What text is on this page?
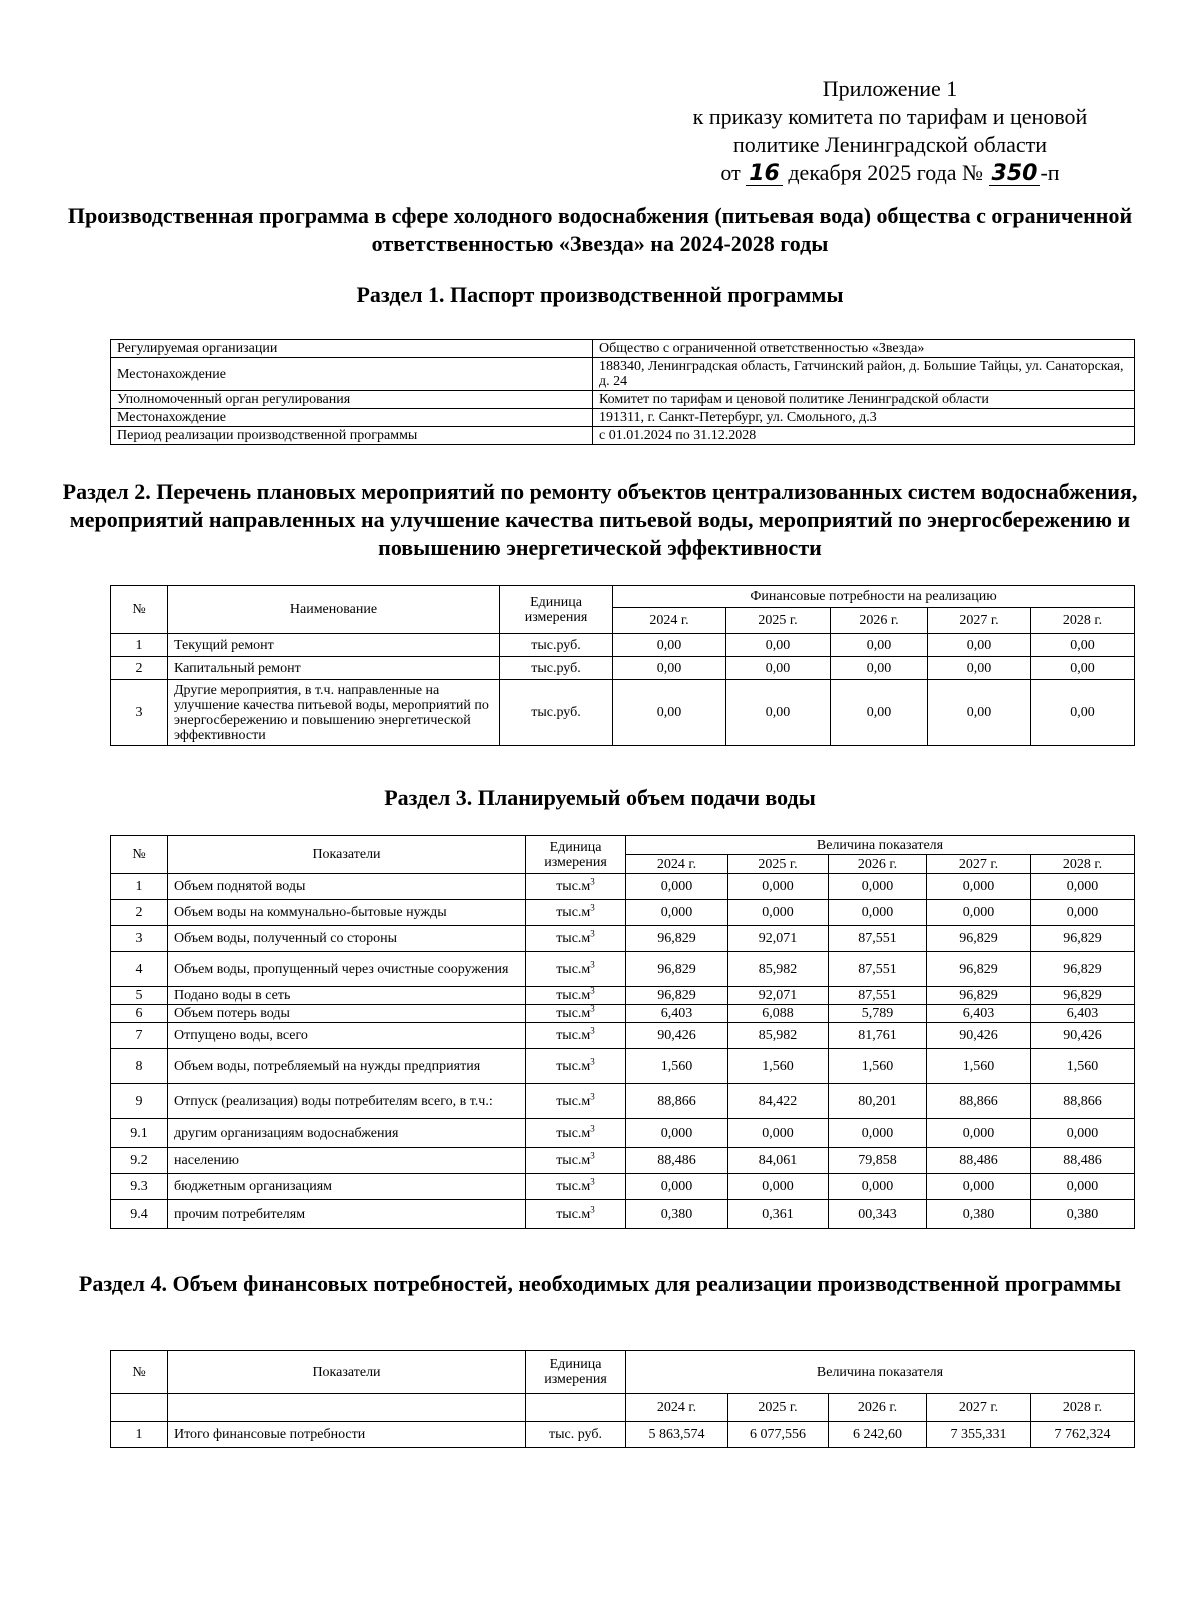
Приложение 1
к приказу комитета по тарифам и ценовой
политике Ленинградской области
от 16 декабря 2025 года № 350 -п
Производственная программа в сфере холодного водоснабжения (питьевая вода) общества с ограниченной ответственностью «Звезда» на 2024-2028 годы
Раздел 1. Паспорт производственной программы
Регулируемая организации	Общество с ограниченной ответственностью «Звезда»
Местонахождение	188340, Ленинградская область, Гатчинский район, д. Большие Тайцы, ул. Санаторская, д. 24
Уполномоченный орган регулирования	Комитет по тарифам и ценовой политике Ленинградской области
Местонахождение	191311, г. Санкт-Петербург, ул. Смольного, д.3
Период реализации производственной программы	с 01.01.2024 по 31.12.2028
Раздел 2. Перечень плановых мероприятий по ремонту объектов централизованных систем водоснабжения, мероприятий направленных на улучшение качества питьевой воды, мероприятий по энергосбережению и повышению энергетической эффективности
№	Наименование	Единица измерения	Финансовые потребности на реализацию				
			2024 г.	2025 г.	2026 г.	2027 г.	2028 г.
1	Текущий ремонт	тыс.руб.	0,00	0,00	0,00	0,00	0,00
2	Капитальный ремонт	тыс.руб.	0,00	0,00	0,00	0,00	0,00
3	Другие мероприятия, в т.ч. направленные на улучшение качества питьевой воды, мероприятий по энергосбережению и повышению энергетической эффективности	тыс.руб.	0,00	0,00	0,00	0,00	0,00
Раздел 3. Планируемый объем подачи воды
№	Показатели	Единица измерения	Величина показателя				
			2024 г.	2025 г.	2026 г.	2027 г.	2028 г.
1	Объем поднятой воды	$тыс.м^3$	0,000	0,000	0,000	0,000	0,000
2	Объем воды на коммунально-бытовые нужды	$тыс.м^3$	0,000	0,000	0,000	0,000	0,000
3	Объем воды, полученный со стороны	$тыс.м^3$	96,829	92,071	87,551	96,829	96,829
4	Объем воды, пропущенный через очистные сооружения	$тыс.м^3$	96,829	85,982	87,551	96,829	96,829
5	Подано воды в сеть	$тыс.м^3$	96,829	92,071	87,551	96,829	96,829
6	Объем потерь воды	$тыс.м^3$	6,403	6,088	5,789	6,403	6,403
7	Отпущено воды, всего	$тыс.м^3$	90,426	85,982	81,761	90,426	90,426
8	Объем воды, потребляемый на нужды предприятия	$тыс.м^3$	1,560	1,560	1,560	1,560	1,560
9	Отпуск (реализация) воды потребителям всего, в т.ч.:	$тыс.м^3$	88,866	84,422	80,201	88,866	88,866
9.1	другим организациям водоснабжения	$тыс.м^3$	0,000	0,000	0,000	0,000	0,000
9.2	населению	$тыс.м^3$	88,486	84,061	79,858	88,486	88,486
9.3	бюджетным организациям	$тыс.м^3$	0,000	0,000	0,000	0,000	0,000
9.4	прочим потребителям	$тыс.м^3$	0,380	0,361	00,343	0,380	0,380
Раздел 4. Объем финансовых потребностей, необходимых для реализации производственной программы
№	Показатели	Единица измерения	Величина показателя				
			2024 г.	2025 г.	2026 г.	2027 г.	2028 г.
1	Итого финансовые потребности	тыс. руб.	5 863,574	6 077,556	6 242,60	7 355,331	7 762,324
